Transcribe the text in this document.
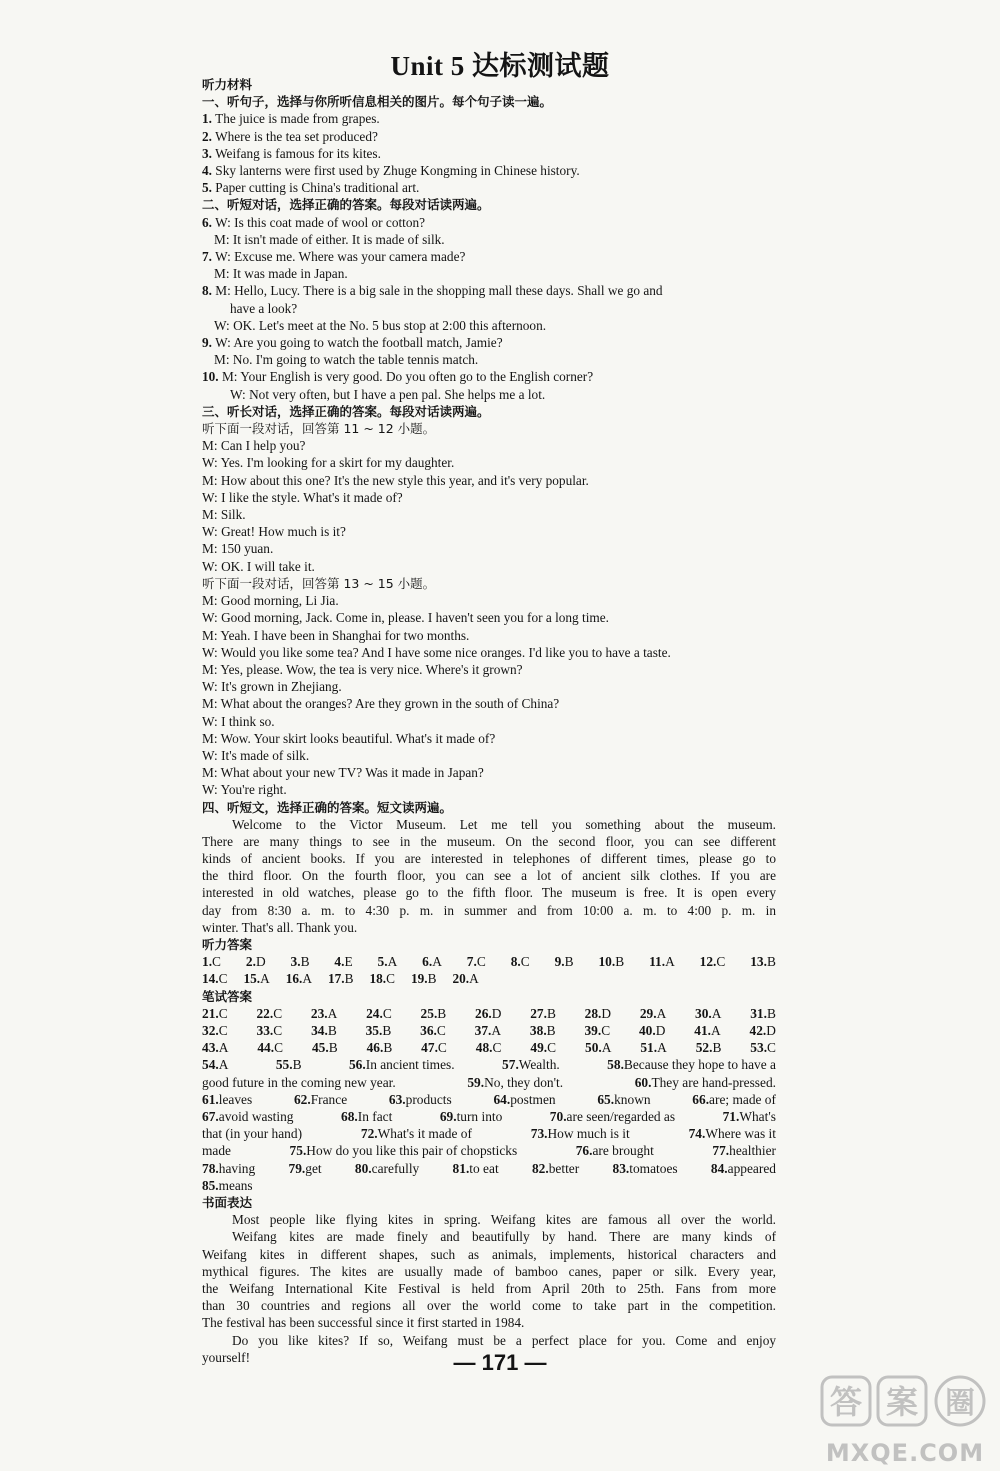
Unit 5 达标测试题
听力材料
一、听句子，选择与你所听信息相关的图片。每个句子读一遍。
1. The juice is made from grapes.
2. Where is the tea set produced?
3. Weifang is famous for its kites.
4. Sky lanterns were first used by Zhuge Kongming in Chinese history.
5. Paper cutting is China's traditional art.
二、听短对话，选择正确的答案。每段对话读两遍。
6. W: Is this coat made of wool or cotton?
M: It isn't made of either. It is made of silk.
7. W: Excuse me. Where was your camera made?
M: It was made in Japan.
8. M: Hello, Lucy. There is a big sale in the shopping mall these days. Shall we go and
have a look?
W: OK. Let's meet at the No. 5 bus stop at 2:00 this afternoon.
9. W: Are you going to watch the football match, Jamie?
M: No. I'm going to watch the table tennis match.
10. M: Your English is very good. Do you often go to the English corner?
W: Not very often, but I have a pen pal. She helps me a lot.
三、听长对话，选择正确的答案。每段对话读两遍。
听下面一段对话，回答第 11 ~ 12 小题。
M: Can I help you?
W: Yes. I'm looking for a skirt for my daughter.
M: How about this one? It's the new style this year, and it's very popular.
W: I like the style. What's it made of?
M: Silk.
W: Great! How much is it?
M: 150 yuan.
W: OK. I will take it.
听下面一段对话，回答第 13 ~ 15 小题。
M: Good morning, Li Jia.
W: Good morning, Jack. Come in, please. I haven't seen you for a long time.
M: Yeah. I have been in Shanghai for two months.
W: Would you like some tea? And I have some nice oranges. I'd like you to have a taste.
M: Yes, please. Wow, the tea is very nice. Where's it grown?
W: It's grown in Zhejiang.
M: What about the oranges? Are they grown in the south of China?
W: I think so.
M: Wow. Your skirt looks beautiful. What's it made of?
W: It's made of silk.
M: What about your new TV? Was it made in Japan?
W: You're right.
四、听短文，选择正确的答案。短文读两遍。
Welcome to the Victor Museum. Let me tell you something about the museum.
There are many things to see in the museum. On the second floor, you can see different
kinds of ancient books. If you are interested in telephones of different times, please go to
the third floor. On the fourth floor, you can see a lot of ancient silk clothes. If you are
interested in old watches, please go to the fifth floor. The museum is free. It is open every
day from 8:30 a. m. to 4:30 p. m. in summer and from 10:00 a. m. to 4:00 p. m. in
winter. That's all. Thank you.
听力答案
1.C 2.D 3.B 4.E 5.A 6.A 7.C 8.C 9.B 10.B 11.A 12.C 13.B
14.C 15.A 16.A 17.B 18.C 19.B 20.A
笔试答案
21.C 22.C 23.A 24.C 25.B 26.D 27.B 28.D 29.A 30.A 31.B
32.C 33.C 34.B 35.B 36.C 37.A 38.B 39.C 40.D 41.A 42.D
43.A 44.C 45.B 46.B 47.C 48.C 49.C 50.A 51.A 52.B 53.C
54.A	55.B	56.In ancient times.	57.Wealth.	58.Because they hope to have a
good future in the coming new year.	59.No, they don't.	60.They are hand-pressed.
61.leaves	62.France	63.products	64.postmen	65.known	66.are; made of
67.avoid wasting	68.In fact	69.turn into	70.are seen/regarded as	71.What's
that (in your hand)	72.What's it made of	73.How much is it	74.Where was it
made	75.How do you like this pair of chopsticks	76.are brought	77.healthier
78.having 79.get 80.carefully 81.to eat 82.better 83.tomatoes 84.appeared
85.means
书面表达
Most people like flying kites in spring. Weifang kites are famous all over the world.
Weifang kites are made finely and beautifully by hand. There are many kinds of
Weifang kites in different shapes, such as animals, implements, historical characters and
mythical figures. The kites are usually made of bamboo canes, paper or silk. Every year,
the Weifang International Kite Festival is held from April 20th to 25th. Fans from more
than 30 countries and regions all over the world come to take part in the competition.
The festival has been successful since it first started in 1984.
Do you like kites? If so, Weifang must be a perfect place for you. Come and enjoy
yourself!	— 171 —
答 案 圈
MXQE.COM
